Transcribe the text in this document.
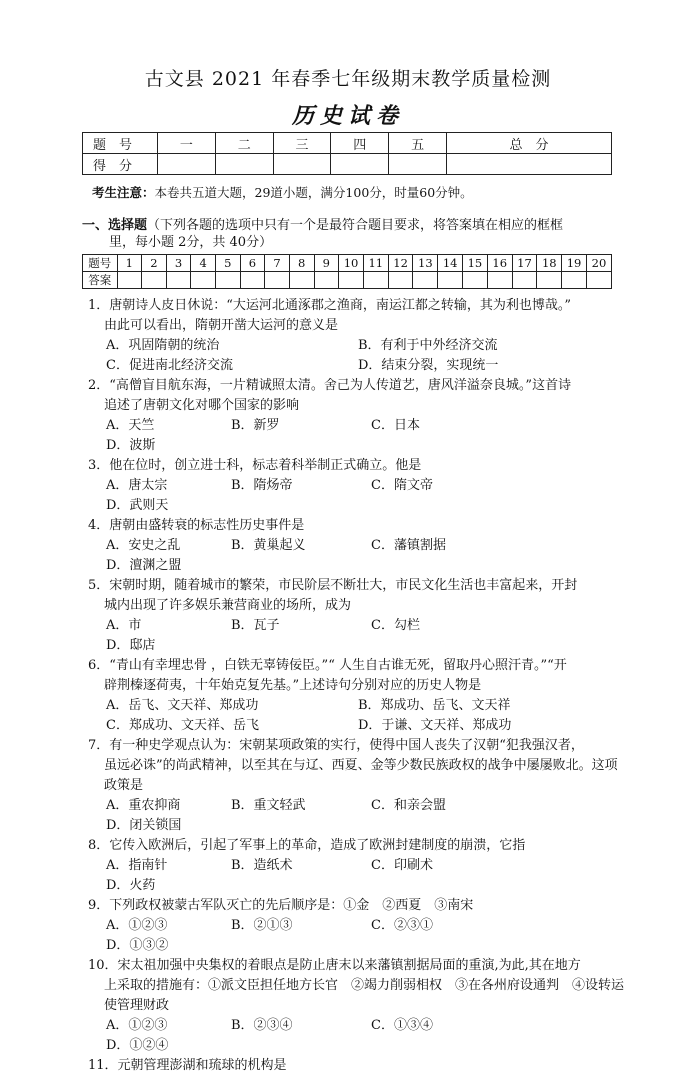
古文县 2021 年春季七年级期末教学质量检测
历史试卷
题　号	一	二	三	四	五	总　分
得　分						
考生注意：本卷共五道大题，29道小题，满分100分，时量60分钟。
一、选择题（下列各题的选项中只有一个是最符合题目要求，将答案填在相应的框框
里，每小题 2分，共 40分）
题号	1	2	3	4	5	6	7	8	9	10	11	12	13	14	15	16	17	18	19	20
答案																				
1．唐朝诗人皮日休说：“大运河北通涿郡之渔商，南运江都之转输，其为利也博哉。”
由此可以看出，隋朝开凿大运河的意义是
A．巩固隋朝的统治	B．有利于中外经济交流
C．促进南北经济交流	D．结束分裂，实现统一
2．“高僧盲目航东海，一片精诚照太清。舍己为人传道艺，唐风洋溢奈良城。”这首诗
追述了唐朝文化对哪个国家的影响
A．天竺	B．新罗	C．日本
D．波斯
3．他在位时，创立进士科，标志着科举制正式确立。他是
A．唐太宗	B．隋炀帝	C．隋文帝
D．武则天
4．唐朝由盛转衰的标志性历史事件是
A．安史之乱	B．黄巢起义	C．藩镇割据
D．澶渊之盟
5．宋朝时期，随着城市的繁荣，市民阶层不断壮大，市民文化生活也丰富起来，开封
城内出现了许多娱乐兼营商业的场所，成为
A．市	B．瓦子	C．勾栏
D．邸店
6．“青山有幸埋忠骨 ，白铁无辜铸佞臣。”“ 人生自古谁无死，留取丹心照汗青。”“开
辟荆榛逐荷夷，十年始克复先基。”上述诗句分别对应的历史人物是
A．岳飞、文天祥、郑成功	B．郑成功、岳飞、文天祥
C．郑成功、文天祥、岳飞	D．于谦、文天祥、郑成功
7．有一种史学观点认为：宋朝某项政策的实行，使得中国人丧失了汉朝“犯我强汉者，
虽远必诛”的尚武精神，以至其在与辽、西夏、金等少数民族政权的战争中屡屡败北。这项政策是
A．重农抑商	B．重文轻武	C．和亲会盟
D．闭关锁国
8．它传入欧洲后，引起了军事上的革命，造成了欧洲封建制度的崩溃，它指
A．指南针	B．造纸术	C．印刷术
D．火药
9．下列政权被蒙古军队灭亡的先后顺序是：①金　②西夏　③南宋
A．①②③	B．②①③	C．②③①
D．①③②
10．宋太祖加强中央集权的着眼点是防止唐末以来藩镇割据局面的重演,为此,其在地方
上采取的措施有：①派文臣担任地方长官　②竭力削弱相权　③在各州府设通判　④设转运使管理财政
A．①②③	B．②③④	C．①③④
D．①②④
11．元朝管理澎湖和琉球的机构是
